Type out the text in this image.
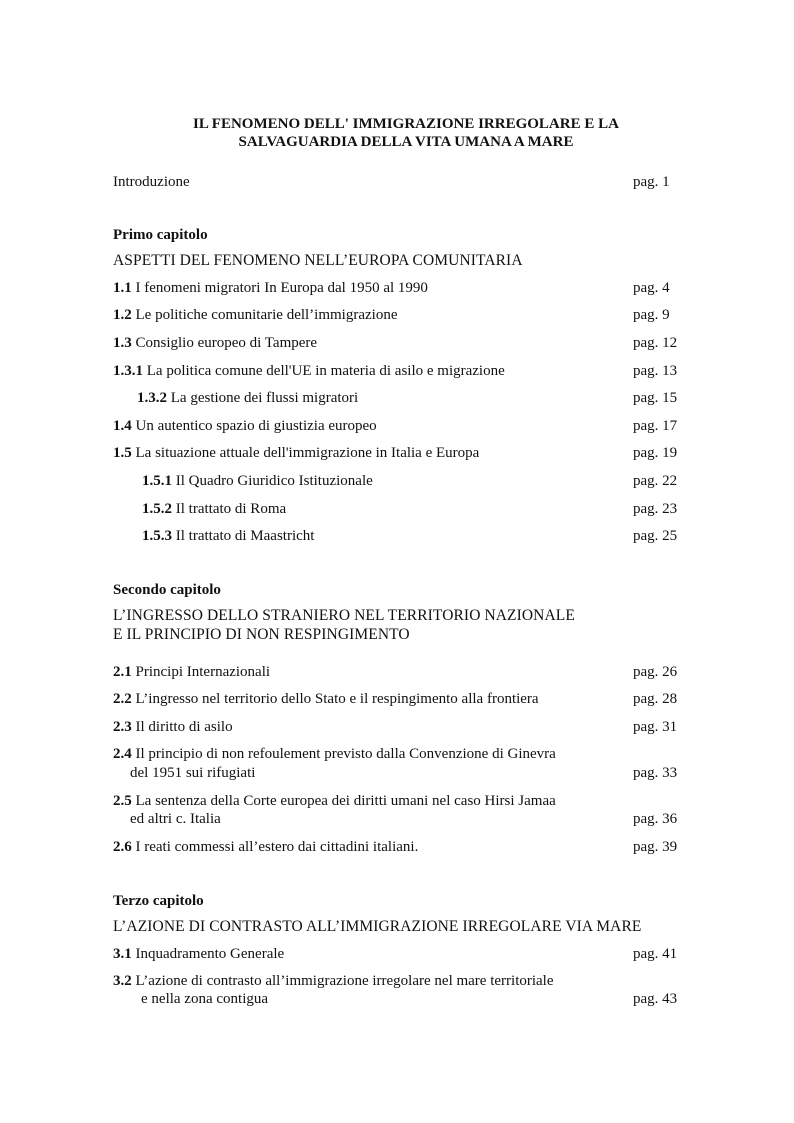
IL FENOMENO DELL' IMMIGRAZIONE IRREGOLARE E LA
SALVAGUARDIA DELLA VITA UMANA A MARE
Introduzione	pag. 1
Primo capitolo
ASPETTI DEL FENOMENO NELL’EUROPA COMUNITARIA
1.1 I fenomeni migratori In Europa dal 1950 al 1990	pag. 4
1.2 Le politiche comunitarie dell’immigrazione	pag. 9
1.3 Consiglio europeo di Tampere	pag. 12
1.3.1 La politica comune dell'UE in materia di asilo e migrazione	pag. 13
1.3.2 La gestione dei flussi migratori	pag. 15
1.4 Un autentico spazio di giustizia europeo	pag. 17
1.5 La situazione attuale dell'immigrazione in Italia e Europa	pag. 19
1.5.1 Il Quadro Giuridico Istituzionale	pag. 22
1.5.2 Il trattato di Roma	pag. 23
1.5.3 Il trattato di Maastricht	pag. 25
Secondo capitolo
L’INGRESSO DELLO STRANIERO NEL TERRITORIO NAZIONALE
E IL PRINCIPIO DI NON RESPINGIMENTO
2.1 Principi Internazionali	pag. 26
2.2 L’ingresso nel territorio dello Stato e il respingimento alla frontiera	pag. 28
2.3 Il diritto di asilo	pag. 31
2.4 Il principio di non refoulement previsto dalla Convenzione di Ginevra
del 1951 sui rifugiati	pag. 33
2.5 La sentenza della Corte europea dei diritti umani nel caso Hirsi Jamaa
ed altri c. Italia	pag. 36
2.6 I reati commessi all’estero dai cittadini italiani.	pag. 39
Terzo capitolo
L’AZIONE DI CONTRASTO ALL’IMMIGRAZIONE IRREGOLARE VIA MARE
3.1 Inquadramento Generale	pag. 41
3.2 L’azione di contrasto all’immigrazione irregolare nel mare territoriale
e nella zona contigua	pag. 43
